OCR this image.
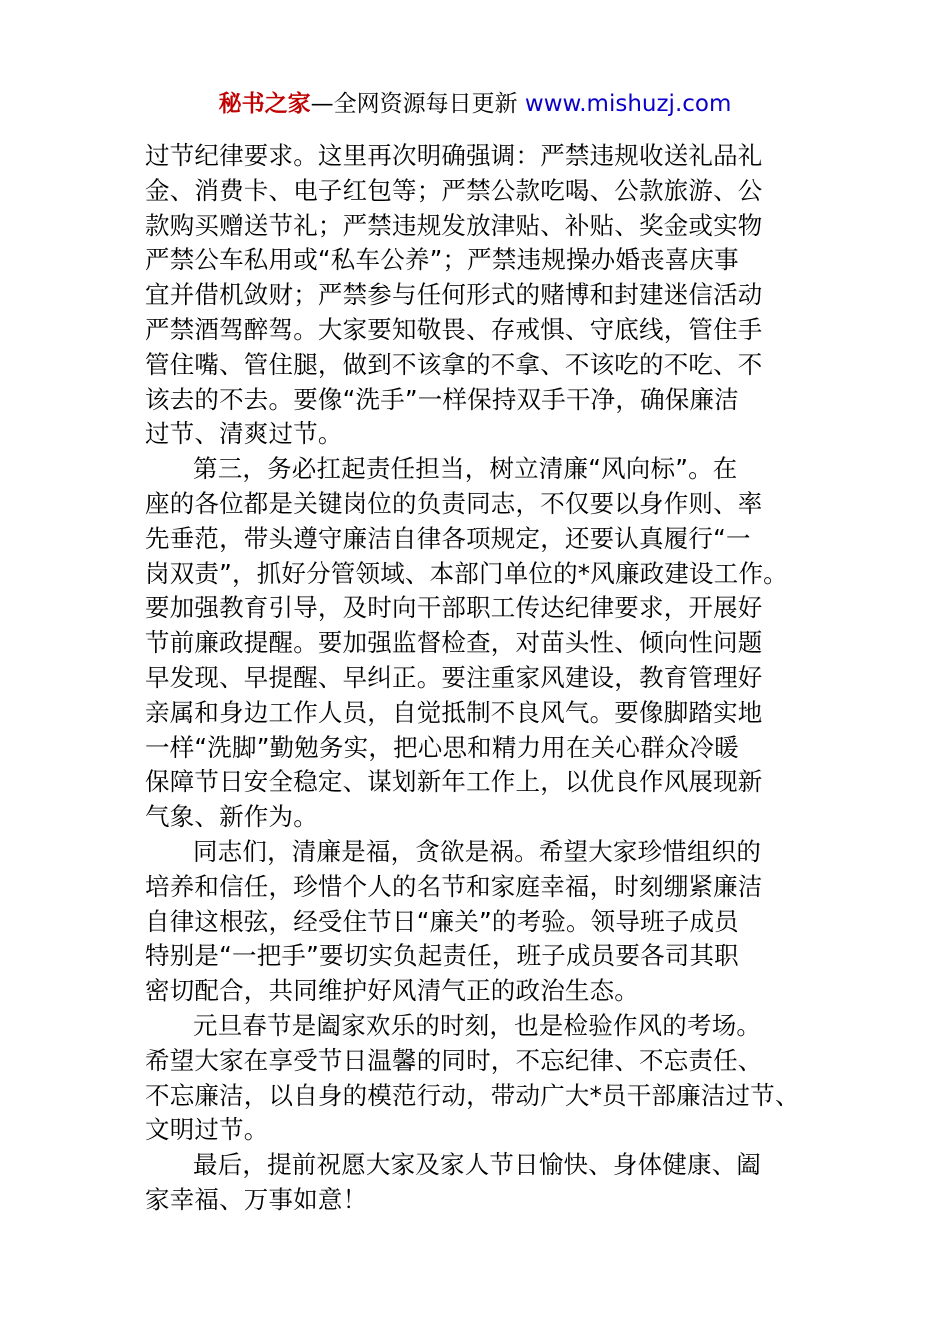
秘书之家—全网资源每日更新 www.mishuzj.com
过节纪律要求。这里再次明确强调：严禁违规收送礼品礼
金、消费卡、电子红包等；严禁公款吃喝、公款旅游、公
款购买赠送节礼；严禁违规发放津贴、补贴、奖金或实物
严禁公车私用或“私车公养”；严禁违规操办婚丧喜庆事
宜并借机敛财；严禁参与任何形式的赌博和封建迷信活动
严禁酒驾醉驾。大家要知敬畏、存戒惧、守底线，管住手
管住嘴、管住腿，做到不该拿的不拿、不该吃的不吃、不
该去的不去。要像“洗手”一样保持双手干净，确保廉洁
过节、清爽过节。
第三，务必扛起责任担当，树立清廉“风向标”。在
座的各位都是关键岗位的负责同志，不仅要以身作则、率
先垂范，带头遵守廉洁自律各项规定，还要认真履行“一
岗双责”，抓好分管领域、本部门单位的*风廉政建设工作。
要加强教育引导，及时向干部职工传达纪律要求，开展好
节前廉政提醒。要加强监督检查，对苗头性、倾向性问题
早发现、早提醒、早纠正。要注重家风建设，教育管理好
亲属和身边工作人员，自觉抵制不良风气。要像脚踏实地
一样“洗脚”勤勉务实，把心思和精力用在关心群众冷暖
保障节日安全稳定、谋划新年工作上，以优良作风展现新
气象、新作为。
同志们，清廉是福，贪欲是祸。希望大家珍惜组织的
培养和信任，珍惜个人的名节和家庭幸福，时刻绷紧廉洁
自律这根弦，经受住节日“廉关”的考验。领导班子成员
特别是“一把手”要切实负起责任，班子成员要各司其职
密切配合，共同维护好风清气正的政治生态。
元旦春节是阖家欢乐的时刻，也是检验作风的考场。
希望大家在享受节日温馨的同时，不忘纪律、不忘责任、
不忘廉洁，以自身的模范行动，带动广大*员干部廉洁过节、
文明过节。
最后，提前祝愿大家及家人节日愉快、身体健康、阖
家幸福、万事如意！
